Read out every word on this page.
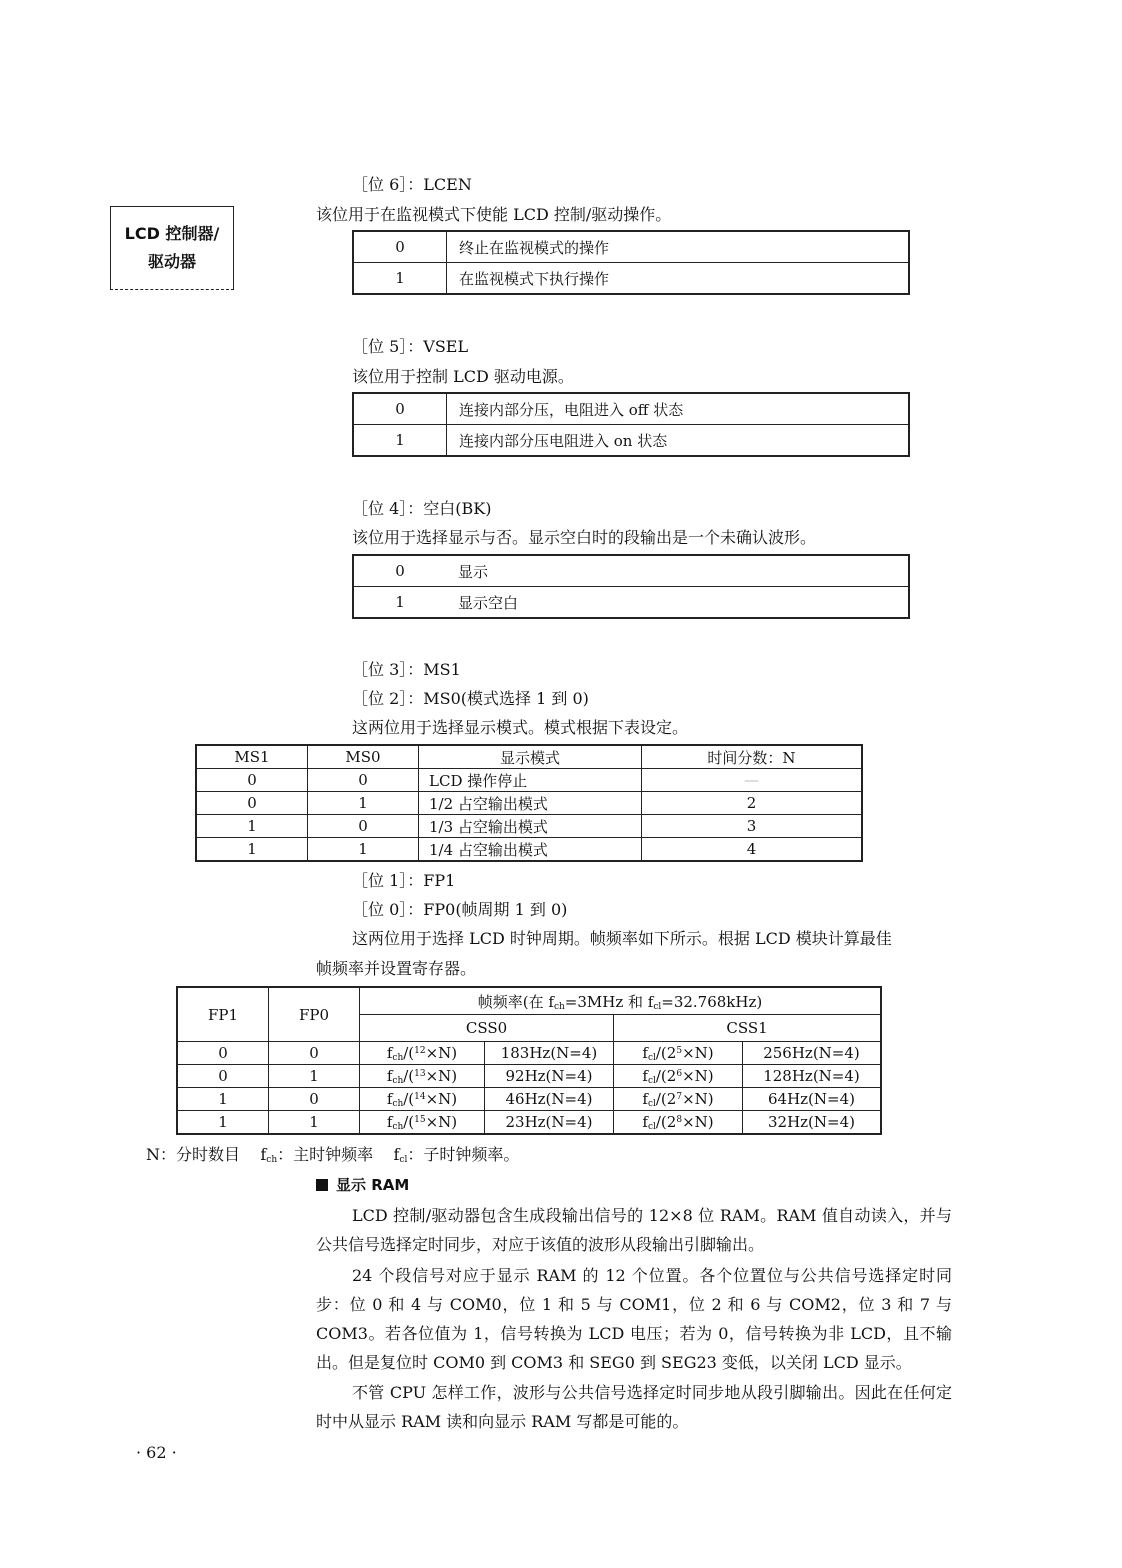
LCD 控制器/
驱动器
［位 6］：LCEN
该位用于在监视模式下使能 LCD 控制/驱动操作。
0	终止在监视模式的操作
1	在监视模式下执行操作
［位 5］：VSEL
该位用于控制 LCD 驱动电源。
0	连接内部分压，电阻进入 off 状态
1	连接内部分压电阻进入 on 状态
［位 4］：空白(BK)
该位用于选择显示与否。显示空白时的段输出是一个未确认波形。
0	显示
1	显示空白
［位 3］：MS1
［位 2］：MS0(模式选择 1 到 0)
这两位用于选择显示模式。模式根据下表设定。
MS1	MS0	显示模式	时间分数：N
0	0	LCD 操作停止	—
0	1	1/2 占空输出模式	2
1	0	1/3 占空输出模式	3
1	1	1/4 占空输出模式	4
［位 1］：FP1
［位 0］：FP0(帧周期 1 到 0)
这两位用于选择 LCD 时钟周期。帧频率如下所示。根据 LCD 模块计算最佳
帧频率并设置寄存器。
FP1	FP0	帧频率(在 $f_{ch}=3MHz$ 和 $f_{cl}=32.768kHz$)			
		CSS0		CSS1	
0	0	$f_{ch}/(^{12}\times N)$	183Hz(N=4)	$f_{cl}/(2^5\times N)$	256Hz(N=4)
0	1	$f_{ch}/(^{13}\times N)$	92Hz(N=4)	$f_{cl}/(2^6\times N)$	128Hz(N=4)
1	0	$f_{ch}/(^{14}\times N)$	46Hz(N=4)	$f_{cl}/(2^7\times N)$	64Hz(N=4)
1	1	$f_{ch}/(^{15}\times N)$	23Hz(N=4)	$f_{cl}/(2^8\times N)$	32Hz(N=4)
N：分时数目 $f_{ch}$：主时钟频率 $f_{cl}$：子时钟频率。
显示 RAM
LCD 控制/驱动器包含生成段输出信号的 12×8 位 RAM。RAM 值自动读入，并与公共信号选择定时同步，对应于该值的波形从段输出引脚输出。
24 个段信号对应于显示 RAM 的 12 个位置。各个位置位与公共信号选择定时同步：位 0 和 4 与 COM0，位 1 和 5 与 COM1，位 2 和 6 与 COM2，位 3 和 7 与 COM3。若各位值为 1，信号转换为 LCD 电压；若为 0，信号转换为非 LCD，且不输出。但是复位时 COM0 到 COM3 和 SEG0 到 SEG23 变低，以关闭 LCD 显示。
不管 CPU 怎样工作，波形与公共信号选择定时同步地从段引脚输出。因此在任何定时中从显示 RAM 读和向显示 RAM 写都是可能的。
· 62 ·
